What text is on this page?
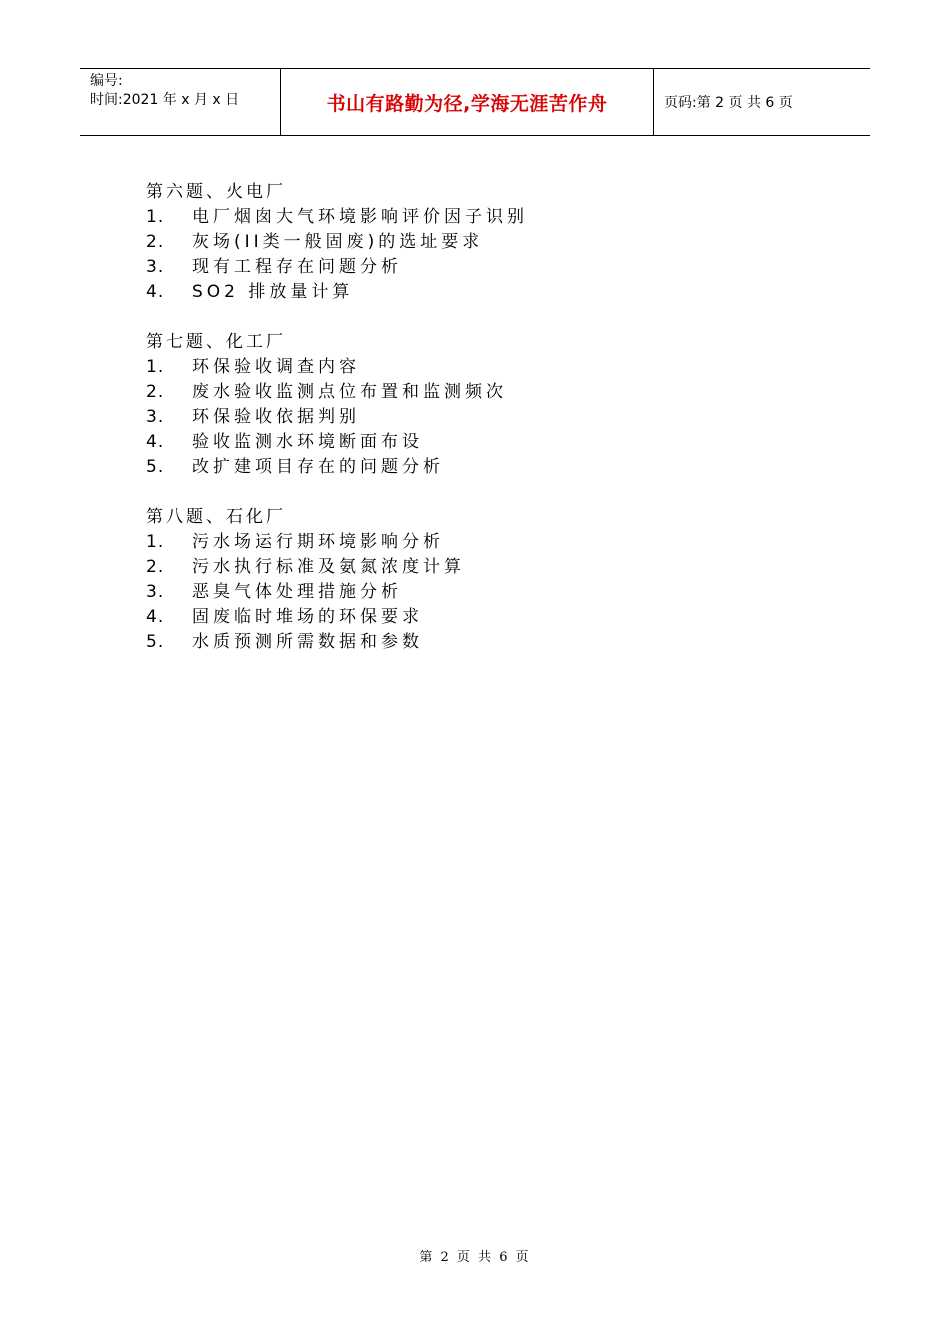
编号:
时间:2021 年 x 月 x 日	书山有路勤为径,学海无涯苦作舟	页码:第 2 页 共 6 页
第六题、火电厂
1.	电厂烟囱大气环境影响评价因子识别
2.	灰场(II类一般固废)的选址要求
3.	现有工程存在问题分析
4.	SO2 排放量计算
第七题、化工厂
1.	环保验收调查内容
2.	废水验收监测点位布置和监测频次
3.	环保验收依据判别
4.	验收监测水环境断面布设
5.	改扩建项目存在的问题分析
第八题、石化厂
1.	污水场运行期环境影响分析
2.	污水执行标准及氨氮浓度计算
3.	恶臭气体处理措施分析
4.	固废临时堆场的环保要求
5.	水质预测所需数据和参数
第 2 页 共 6 页
